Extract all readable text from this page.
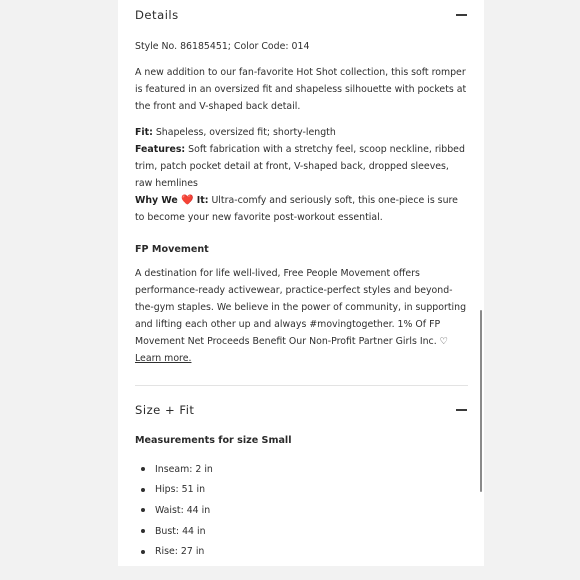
Details
Style No. 86185451; Color Code: 014
A new addition to our fan-favorite Hot Shot collection, this soft romper is featured in an oversized fit and shapeless silhouette with pockets at the front and V-shaped back detail.
Fit: Shapeless, oversized fit; shorty-length
Features: Soft fabrication with a stretchy feel, scoop neckline, ribbed trim, patch pocket detail at front, V-shaped back, dropped sleeves, raw hemlines
Why We ❤️ It: Ultra-comfy and seriously soft, this one-piece is sure to become your new favorite post-workout essential.
FP Movement
A destination for life well-lived, Free People Movement offers performance-ready activewear, practice-perfect styles and beyond-the-gym staples. We believe in the power of community, in supporting and lifting each other up and always #movingtogether. 1% Of FP Movement Net Proceeds Benefit Our Non-Profit Partner Girls Inc. ♡ Learn more.
Size + Fit
Measurements for size Small
Inseam: 2 in
Hips: 51 in
Waist: 44 in
Bust: 44 in
Rise: 27 in
